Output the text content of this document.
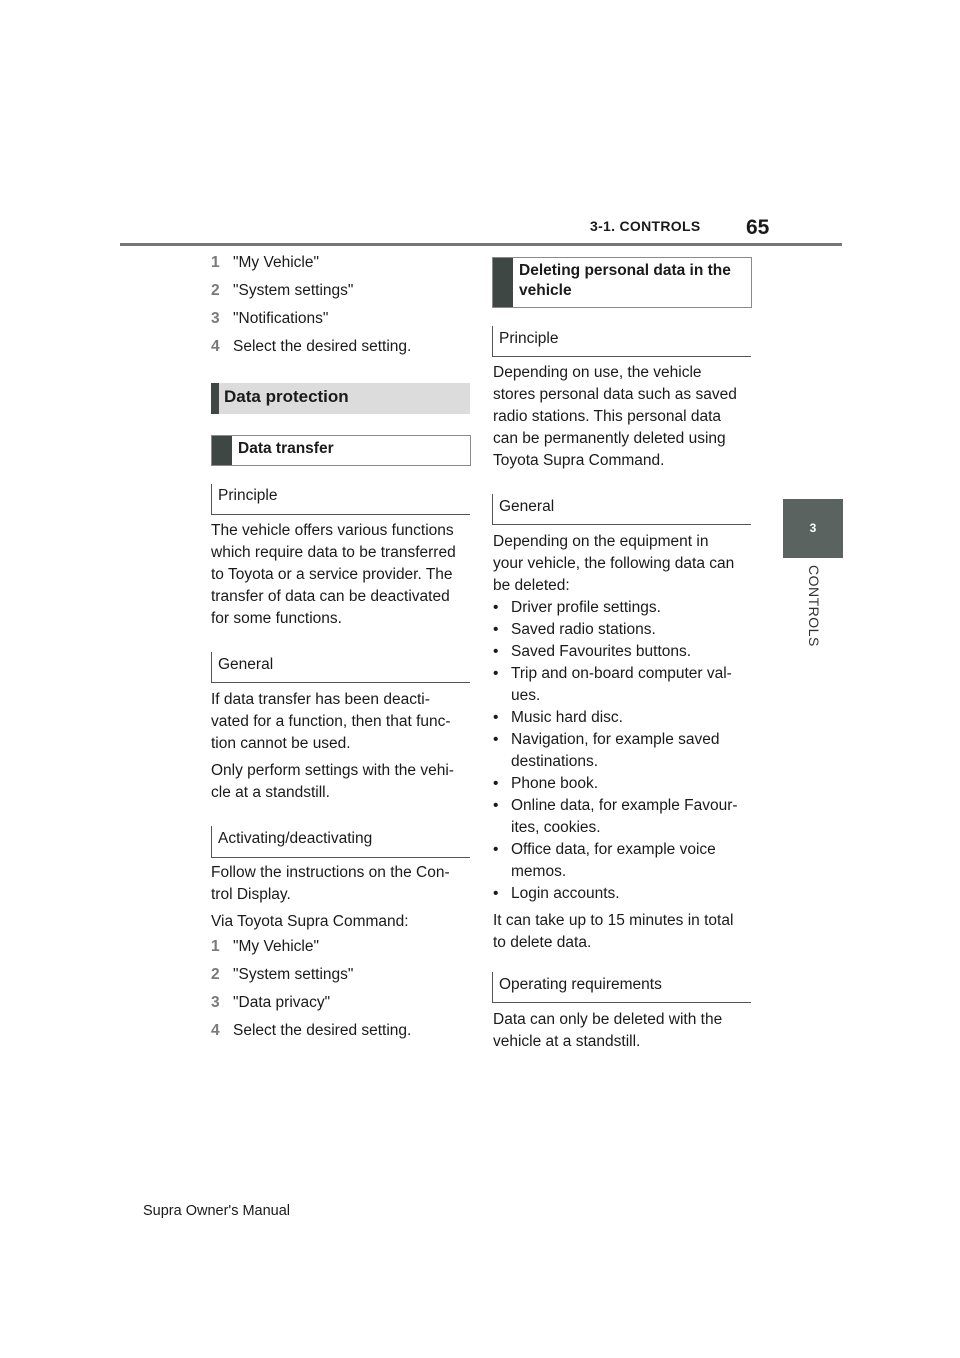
3-1. CONTROLS 65
3
CONTROLS
1 "My Vehicle"
2 "System settings"
3 "Notifications"
4 Select the desired setting.
Data protection
Data transfer
Principle

The vehicle offers various functions

which require data to be transferred

to Toyota or a service provider. The

transfer of data can be deactivated

for some functions.

General

If data transfer has been deacti-

vated for a function, then that func-

tion cannot be used.

Only perform settings with the vehi-

cle at a standstill.

Activating/deactivating

Follow the instructions on the Con-

trol Display.

Via Toyota Supra Command:

1 "My Vehicle"
2 "System settings"
3 "Data privacy"
4 Select the desired setting.
Deleting personal data in the
vehicle
Principle

Depending on use, the vehicle

stores personal data such as saved

radio stations. This personal data

can be permanently deleted using

Toyota Supra Command.

General

Depending on the equipment in

your vehicle, the following data can

be deleted:

• Driver profile settings.
• Saved radio stations.
• Saved Favourites buttons.
• Trip and on-board computer val-
ues.
• Music hard disc.
• Navigation, for example saved
destinations.
• Phone book.
• Online data, for example Favour-
ites, cookies.
• Office data, for example voice
memos.
• Login accounts.

It can take up to 15 minutes in total

to delete data.

Operating requirements

Data can only be deleted with the

vehicle at a standstill.

Supra Owner's Manual
